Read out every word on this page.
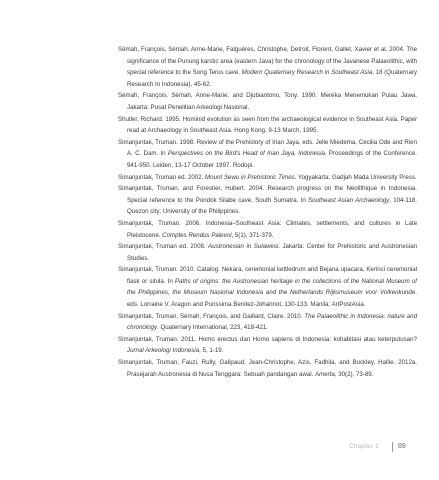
Sémah, François, Sémah, Anne-Marie, Falguères, Christophe, Detroit, Florent, Gallet, Xavier et al. 2004. The significance of the Punung karstic area (eastern Java) for the chronology of the Javanese Palaeolithic, with special reference to the Song Terus cave. Modern Quaternary Research in Southeast Asia, 18 (Quaternary Research In Indonesia), 45-62.

Sémah, François, Sémah, Anne-Marie, and Djubiantono, Tony. 1990. Mereka Menemukan Pulau Jawa. Jakarta: Pusat Penelitian Arkeologi Nasional.

Shutler, Richard. 1995. Hominid evolution as seen from the archaeological evidence in Southeast Asia. Paper read at Archaeology in Southeast Asia. Hong Kong. 9-13 March, 1995.

Simanjuntak, Truman. 1998. Review of the Prehistory of Irian Jaya. eds. Jelle Miedema, Cecilia Ode and Rien A. C. Dam. In Perspectives on the Bird's Head of Irian Jaya, Indonesia. Proceedings of the Conference. 941-950. Leiden, 13-17 October 1997. Rodopi.

Simanjuntak, Truman ed. 2002. Mount Sewu in Prehistoric Times. Yogyakarta: Gadjah Mada University Press.

Simanjuntak, Truman, and Forestier, Hubert. 2004. Research progress on the Neolithique in Indonesia. Special reference to the Pondok Silabe cave, South Sumatra. In Southeast Asian Archaeology, 104-118. Quezon city: University of the Philippines.

Simanjuntak, Truman. 2006. Indonesia–Southeast Asia: Climates, settlements, and cultures in Late Pleistocene. Comptes Rendus Palevol, 5(1), 371-379.

Simanjuntak, Truman ed. 2008. Austronesian in Sulawesi. Jakarta: Center for Prehistoric and Austronesian Studies.

Simanjuntak, Truman. 2010. Catalog: Nekara, ceremonial kettledrum and Bejana upacara, Kerinci ceremonial flask or situla. In Paths of origins: the Austronesian heritage in the collections of the National Museum of the Philippines, the Museum Nasional Indonesia and the Netherlands Rijksmuseum voor Volkenkunde. eds. Lorraine V. Aragon and Purissima Benitez-Johannot, 130-133. Manila: ArtPostAsia.

Simanjuntak, Truman, Sémah, François, and Gaillard, Claire. 2010. The Palaeolithic in Indonesia: nature and chronology. Quaternary International, 223, 418-421.

Simanjuntak, Truman. 2011. Homo erectus dan Homo sapiens di Indonesia: kohabitasi atau keterputusan? Jurnal Arkeologi Indonesia, 5, 1-19.

Simanjuntak, Truman, Fauzi, Rully, Galipaud, Jean-Christophe, Azis, Fadhila, and Buckley, Hallie. 2012a. Prasejarah Austronesia di Nusa Tenggara: Sebuah pandangan awal. Amerta, 30(2), 73-89.

Chapter 1	89
